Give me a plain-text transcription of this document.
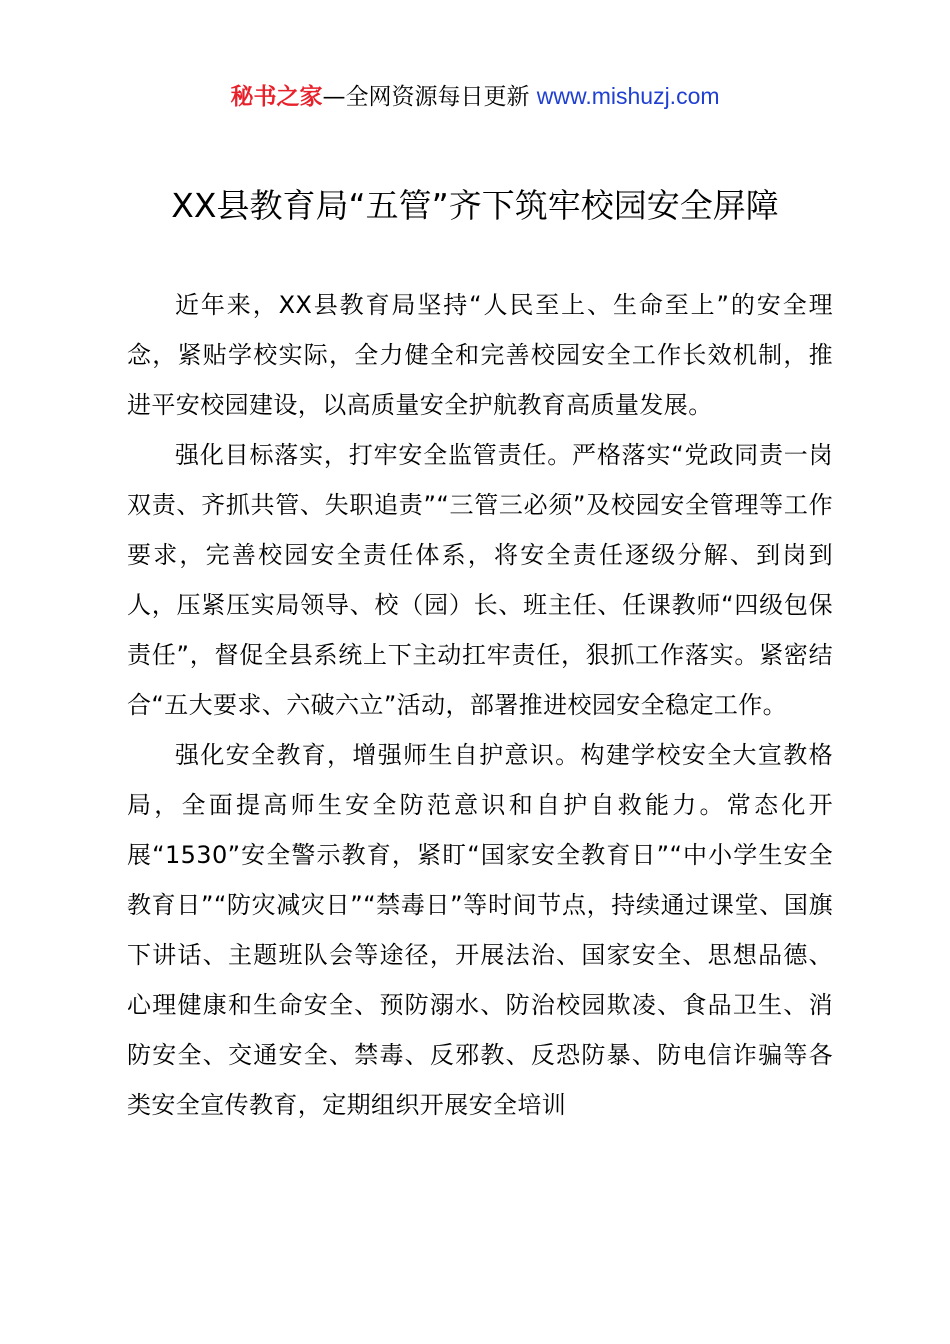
秘书之家—全网资源每日更新 www.mishuzj.com
XX县教育局“五管”齐下筑牢校园安全屏障

近年来，XX县教育局坚持“人民至上、生命至上”的安全理念，紧贴学校实际，全力健全和完善校园安全工作长效机制，推进平安校园建设，以高质量安全护航教育高质量发展。

强化目标落实，打牢安全监管责任。严格落实“党政同责一岗双责、齐抓共管、失职追责”“三管三必须”及校园安全管理等工作要求，完善校园安全责任体系，将安全责任逐级分解、到岗到人，压紧压实局领导、校（园）长、班主任、任课教师“四级包保责任”，督促全县系统上下主动扛牢责任，狠抓工作落实。紧密结合“五大要求、六破六立”活动，部署推进校园安全稳定工作。

强化安全教育，增强师生自护意识。构建学校安全大宣教格局，全面提高师生安全防范意识和自护自救能力。常态化开展“1530”安全警示教育，紧盯“国家安全教育日”“中小学生安全教育日”“防灾减灾日”“禁毒日”等时间节点，持续通过课堂、国旗下讲话、主题班队会等途径，开展法治、国家安全、思想品德、心理健康和生命安全、预防溺水、防治校园欺凌、食品卫生、消防安全、交通安全、禁毒、反邪教、反恐防暴、防电信诈骗等各类安全宣传教育，定期组织开展安全培训
